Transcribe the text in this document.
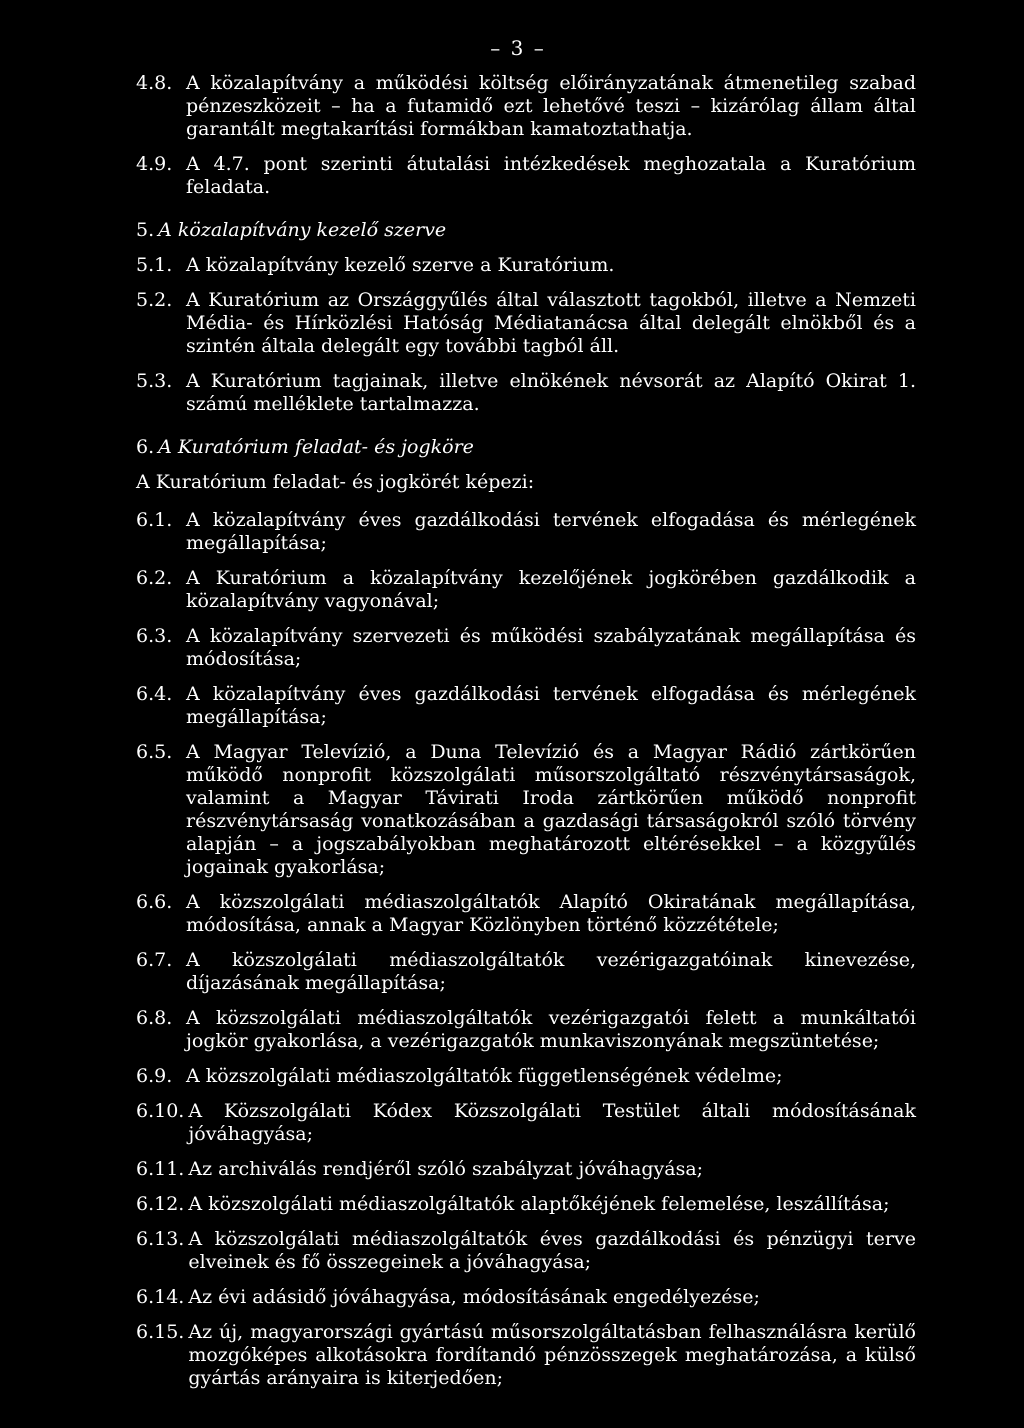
– 3 –
4.8. A közalapítvány a működési költség előirányzatának átmenetileg szabad pénzeszközeit – ha a futamidő ezt lehetővé teszi – kizárólag állam által garantált megtakarítási formákban kamatoztathatja.
4.9. A 4.7. pont szerinti átutalási intézkedések meghozatala a Kuratórium feladata.
5. A közalapítvány kezelő szerve
5.1. A közalapítvány kezelő szerve a Kuratórium.
5.2. A Kuratórium az Országgyűlés által választott tagokból, illetve a Nemzeti Média- és Hírközlési Hatóság Médiatanácsa által delegált elnökből és a szintén általa delegált egy további tagból áll.
5.3. A Kuratórium tagjainak, illetve elnökének névsorát az Alapító Okirat 1. számú melléklete tartalmazza.
6. A Kuratórium feladat- és jogköre
A Kuratórium feladat- és jogkörét képezi:
6.1. A közalapítvány éves gazdálkodási tervének elfogadása és mérlegének megállapítása;
6.2. A Kuratórium a közalapítvány kezelőjének jogkörében gazdálkodik a közalapítvány vagyonával;
6.3. A közalapítvány szervezeti és működési szabályzatának megállapítása és módosítása;
6.4. A közalapítvány éves gazdálkodási tervének elfogadása és mérlegének megállapítása;
6.5. A Magyar Televízió, a Duna Televízió és a Magyar Rádió zártkörűen működő nonprofit közszolgálati műsorszolgáltató részvénytársaságok, valamint a Magyar Távirati Iroda zártkörűen működő nonprofit részvénytársaság vonatkozásában a gazdasági társaságokról szóló törvény alapján – a jogszabályokban meghatározott eltérésekkel – a közgyűlés jogainak gyakorlása;
6.6. A közszolgálati médiaszolgáltatók Alapító Okiratának megállapítása, módosítása, annak a Magyar Közlönyben történő közzététele;
6.7. A közszolgálati médiaszolgáltatók vezérigazgatóinak kinevezése, díjazásának megállapítása;
6.8. A közszolgálati médiaszolgáltatók vezérigazgatói felett a munkáltatói jogkör gyakorlása, a vezérigazgatók munkaviszonyának megszüntetése;
6.9. A közszolgálati médiaszolgáltatók függetlenségének védelme;
6.10. A Közszolgálati Kódex Közszolgálati Testület általi módosításának jóváhagyása;
6.11. Az archiválás rendjéről szóló szabályzat jóváhagyása;
6.12. A közszolgálati médiaszolgáltatók alaptőkéjének felemelése, leszállítása;
6.13. A közszolgálati médiaszolgáltatók éves gazdálkodási és pénzügyi terve elveinek és fő összegeinek a jóváhagyása;
6.14. Az évi adásidő jóváhagyása, módosításának engedélyezése;
6.15. Az új, magyarországi gyártású műsorszolgáltatásban felhasználásra kerülő mozgóképes alkotásokra fordítandó pénzösszegek meghatározása, a külső gyártás arányaira is kiterjedően;
